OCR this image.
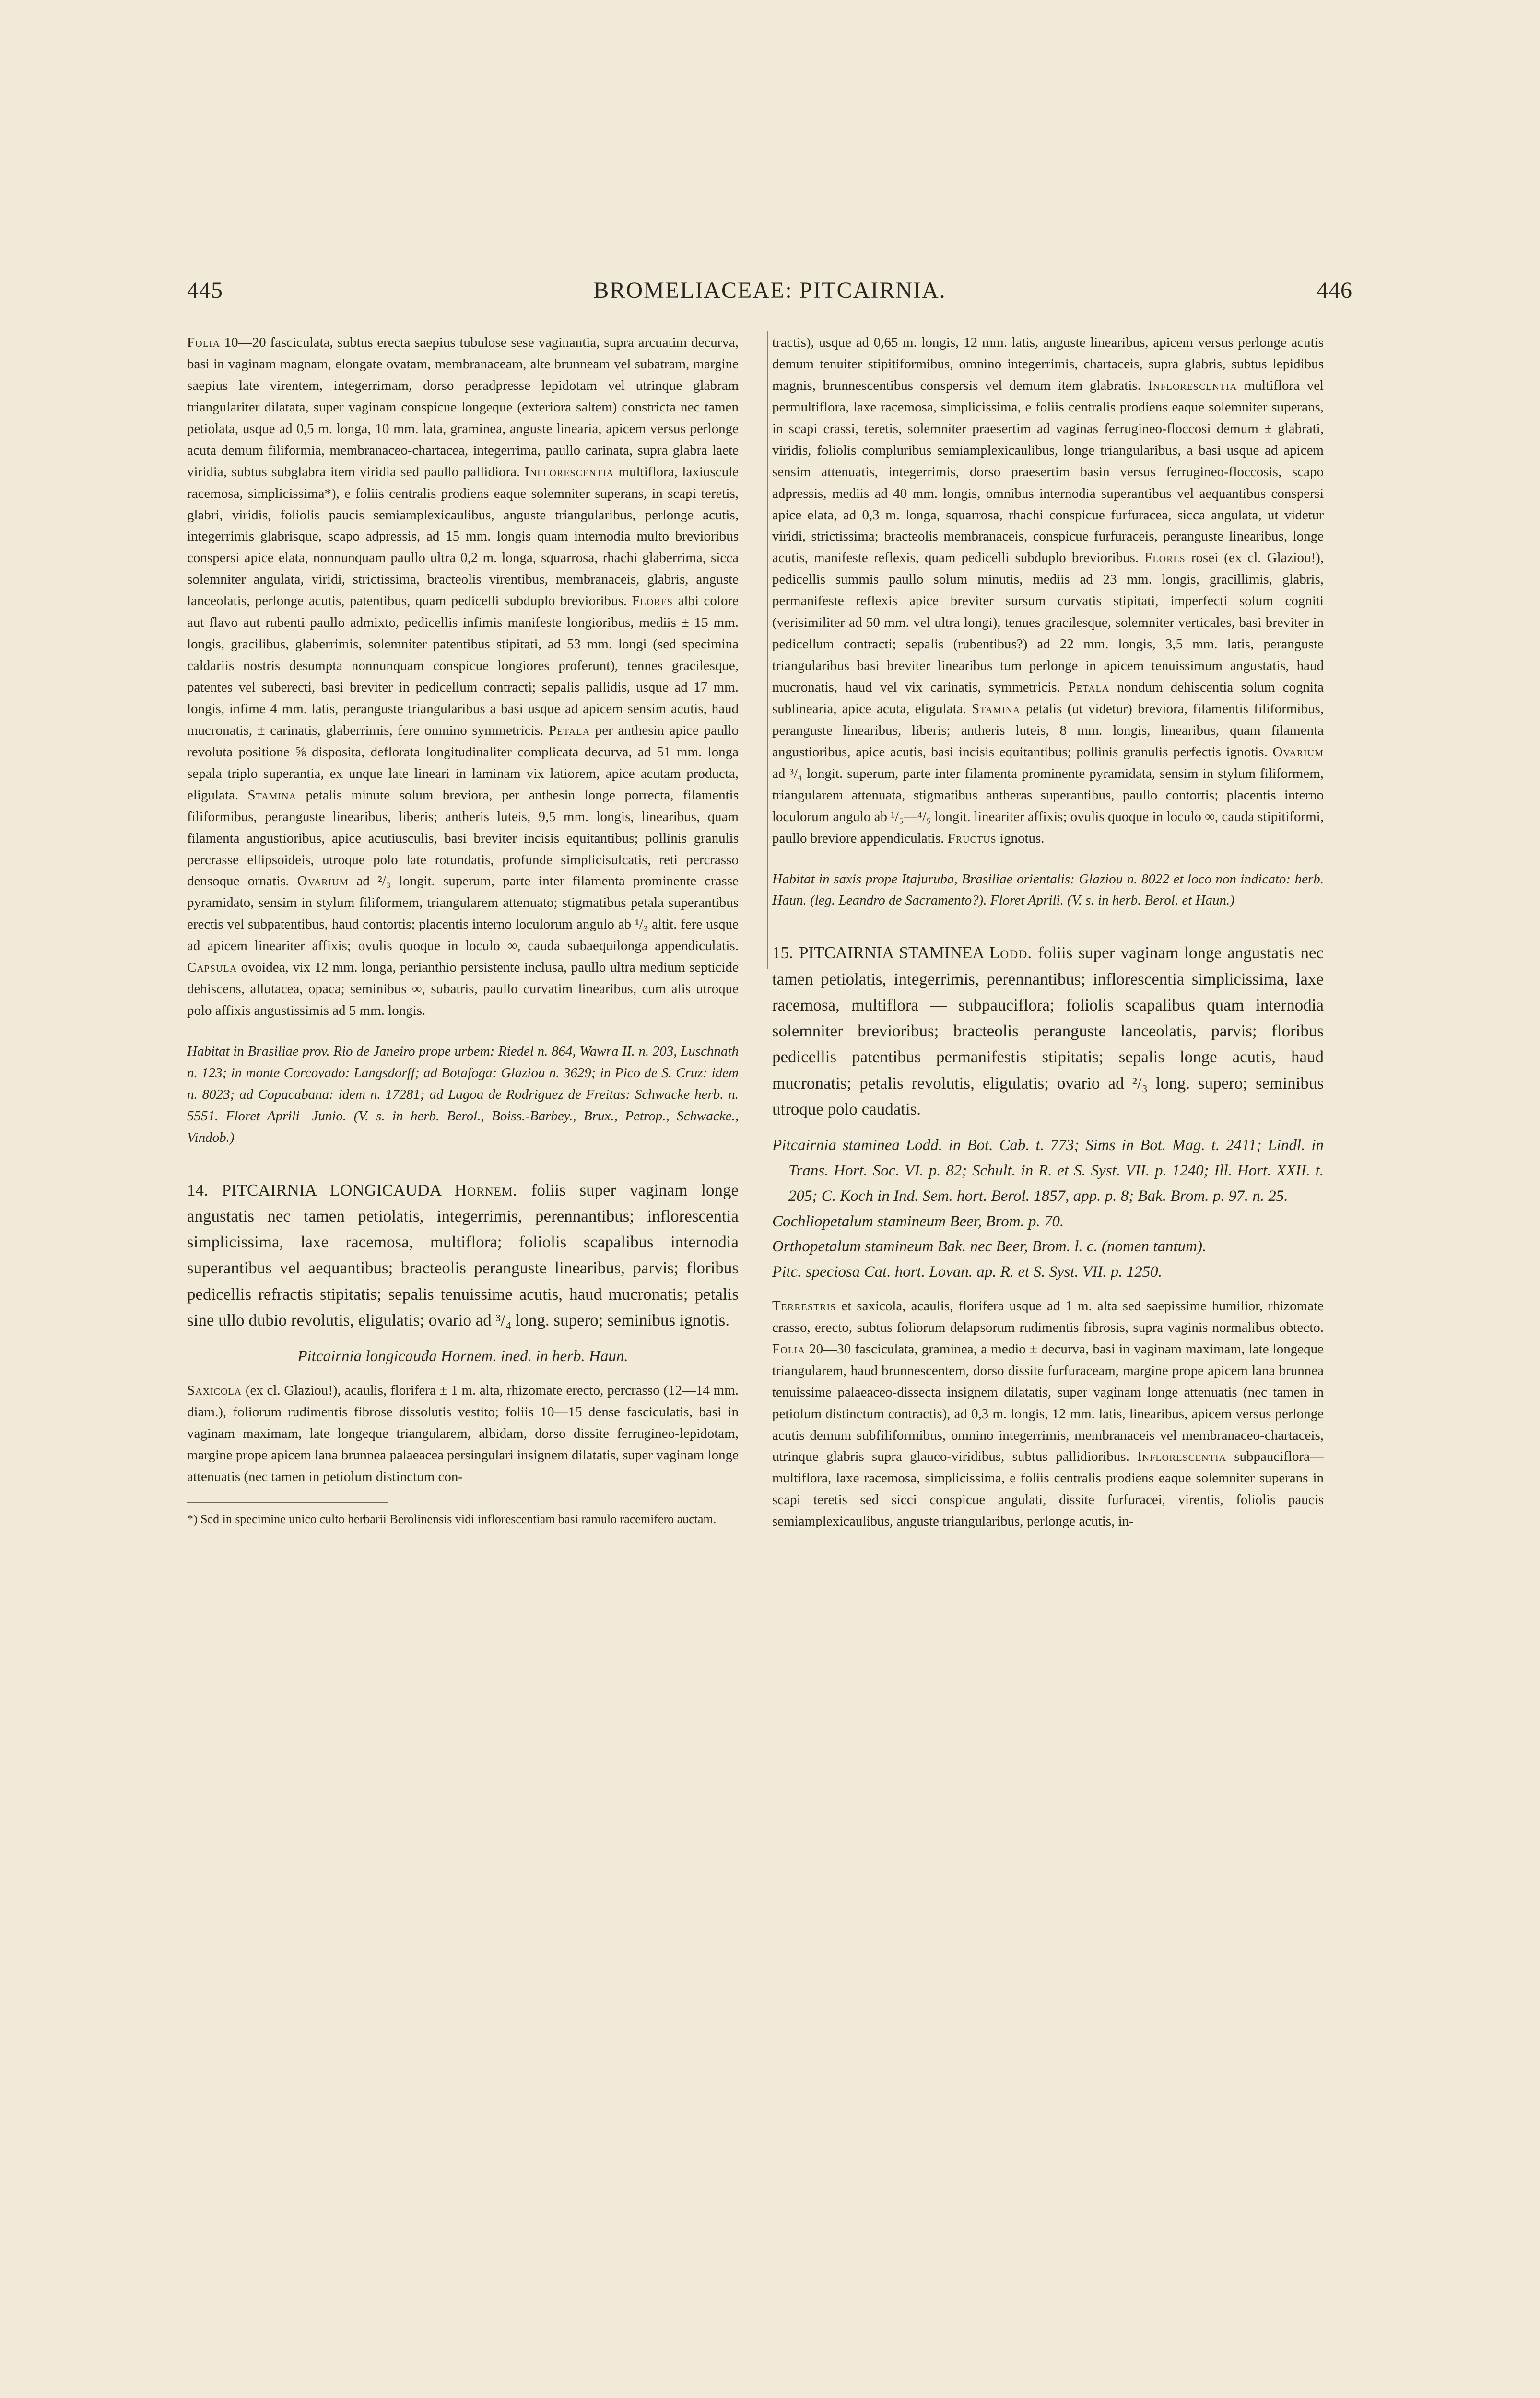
445	BROMELIACEAE: PITCAIRNIA.	446

Folia 10—20 fasciculata, subtus erecta saepius tubulose sese vaginantia, supra arcuatim decurva, basi in vaginam magnam, elongate ovatam, membranaceam, alte brunneam vel subatram, margine saepius late virentem, integerrimam, dorso peradpresse lepidotam vel utrinque glabram triangulariter dilatata, super vaginam conspicue longeque (exteriora saltem) constricta nec tamen petiolata, usque ad 0,5 m. longa, 10 mm. lata, graminea, anguste linearia, apicem versus perlonge acuta demum filiformia, membranaceo-chartacea, integerrima, paullo carinata, supra glabra laete viridia, subtus subglabra item viridia sed paullo pallidiora. Inflorescentia multiflora, laxiuscule racemosa, simplicissima*), e foliis centralis prodiens eaque solemniter superans, in scapi teretis, glabri, viridis, foliolis paucis semiamplexicaulibus, anguste triangularibus, perlonge acutis, integerrimis glabrisque, scapo adpressis, ad 15 mm. longis quam internodia multo brevioribus conspersi apice elata, nonnunquam paullo ultra 0,2 m. longa, squarrosa, rhachi glaberrima, sicca solemniter angulata, viridi, strictissima, bracteolis virentibus, membranaceis, glabris, anguste lanceolatis, perlonge acutis, patentibus, quam pedicelli subduplo brevioribus. Flores albi colore aut flavo aut rubenti paullo admixto, pedicellis infimis manifeste longioribus, mediis ± 15 mm. longis, gracilibus, glaberrimis, solemniter patentibus stipitati, ad 53 mm. longi (sed specimina caldariis nostris desumpta nonnunquam conspicue longiores proferunt), tennes gracilesque, patentes vel suberecti, basi breviter in pedicellum contracti; sepalis pallidis, usque ad 17 mm. longis, infime 4 mm. latis, peranguste triangularibus a basi usque ad apicem sensim acutis, haud mucronatis, ± carinatis, glaberrimis, fere omnino symmetricis. Petala per anthesin apice paullo revoluta positione ⅝ disposita, deflorata longitudinaliter complicata decurva, ad 51 mm. longa sepala triplo superantia, ex unque late lineari in laminam vix latiorem, apice acutam producta, eligulata. Stamina petalis minute solum breviora, per anthesin longe porrecta, filamentis filiformibus, peranguste linearibus, liberis; antheris luteis, 9,5 mm. longis, linearibus, quam filamenta angustioribus, apice acutiusculis, basi breviter incisis equitantibus; pollinis granulis percrasse ellipsoideis, utroque polo late rotundatis, profunde simplicisulcatis, reti percrasso densoque ornatis. Ovarium ad ²/₃ longit. superum, parte inter filamenta prominente crasse pyramidato, sensim in stylum filiformem, triangularem attenuato; stigmatibus petala superantibus erectis vel subpatentibus, haud contortis; placentis interno loculorum angulo ab ¹/₃ altit. fere usque ad apicem lineariter affixis; ovulis quoque in loculo ∞, cauda subaequilonga appendiculatis. Capsula ovoidea, vix 12 mm. longa, perianthio persistente inclusa, paullo ultra medium septicide dehiscens, allutacea, opaca; seminibus ∞, subatris, paullo curvatim linearibus, cum alis utroque polo affixis angustissimis ad 5 mm. longis.

Habitat in Brasiliae prov. Rio de Janeiro prope urbem: Riedel n. 864, Wawra II. n. 203, Luschnath n. 123; in monte Corcovado: Langsdorff; ad Botafoga: Glaziou n. 3629; in Pico de S. Cruz: idem n. 8023; ad Copacabana: idem n. 17281; ad Lagoa de Rodriguez de Freitas: Schwacke herb. n. 5551. Floret Aprili—Junio. (V. s. in herb. Berol., Boiss.-Barbey., Brux., Petrop., Schwacke., Vindob.)

14. PITCAIRNIA LONGICAUDA Hornem. foliis super vaginam longe angustatis nec tamen petiolatis, integerrimis, perennantibus; inflorescentia simplicissima, laxe racemosa, multiflora; foliolis scapalibus internodia superantibus vel aequantibus; bracteolis peranguste linearibus, parvis; floribus pedicellis refractis stipitatis; sepalis tenuissime acutis, haud mucronatis; petalis sine ullo dubio revolutis, eligulatis; ovario ad ³/₄ long. supero; seminibus ignotis.

Pitcairnia longicauda Hornem. ined. in herb. Haun.

Saxicola (ex cl. Glaziou!), acaulis, florifera ± 1 m. alta, rhizomate erecto, percrasso (12—14 mm. diam.), foliorum rudimentis fibrose dissolutis vestito; foliis 10—15 dense fasciculatis, basi in vaginam maximam, late longeque triangularem, albidam, dorso dissite ferrugineo-lepidotam, margine prope apicem lana brunnea palaeacea persingulari insignem dilatatis, super vaginam longe attenuatis (nec tamen in petiolum distinctum con-

*) Sed in specimine unico culto herbarii Berolinensis vidi inflorescentiam basi ramulo racemifero auctam.

tractis), usque ad 0,65 m. longis, 12 mm. latis, anguste linearibus, apicem versus perlonge acutis demum tenuiter stipitiformibus, omnino integerrimis, chartaceis, supra glabris, subtus lepidibus magnis, brunnescentibus conspersis vel demum item glabratis. Inflorescentia multiflora vel permultiflora, laxe racemosa, simplicissima, e foliis centralis prodiens eaque solemniter superans, in scapi crassi, teretis, solemniter praesertim ad vaginas ferrugineo-floccosi demum ± glabrati, viridis, foliolis compluribus semiamplexicaulibus, longe triangularibus, a basi usque ad apicem sensim attenuatis, integerrimis, dorso praesertim basin versus ferrugineo-floccosis, scapo adpressis, mediis ad 40 mm. longis, omnibus internodia superantibus vel aequantibus conspersi apice elata, ad 0,3 m. longa, squarrosa, rhachi conspicue furfuracea, sicca angulata, ut videtur viridi, strictissima; bracteolis membranaceis, conspicue furfuraceis, peranguste linearibus, longe acutis, manifeste reflexis, quam pedicelli subduplo brevioribus. Flores rosei (ex cl. Glaziou!), pedicellis summis paullo solum minutis, mediis ad 23 mm. longis, gracillimis, glabris, permanifeste reflexis apice breviter sursum curvatis stipitati, imperfecti solum cogniti (verisimiliter ad 50 mm. vel ultra longi), tenues gracilesque, solemniter verticales, basi breviter in pedicellum contracti; sepalis (rubentibus?) ad 22 mm. longis, 3,5 mm. latis, peranguste triangularibus basi breviter linearibus tum perlonge in apicem tenuissimum angustatis, haud mucronatis, haud vel vix carinatis, symmetricis. Petala nondum dehiscentia solum cognita sublinearia, apice acuta, eligulata. Stamina petalis (ut videtur) breviora, filamentis filiformibus, peranguste linearibus, liberis; antheris luteis, 8 mm. longis, linearibus, quam filamenta angustioribus, apice acutis, basi incisis equitantibus; pollinis granulis perfectis ignotis. Ovarium ad ³/₄ longit. superum, parte inter filamenta prominente pyramidata, sensim in stylum filiformem, triangularem attenuata, stigmatibus antheras superantibus, paullo contortis; placentis interno loculorum angulo ab ¹/₅—⁴/₅ longit. lineariter affixis; ovulis quoque in loculo ∞, cauda stipitiformi, paullo breviore appendiculatis. Fructus ignotus.

Habitat in saxis prope Itajuruba, Brasiliae orientalis: Glaziou n. 8022 et loco non indicato: herb. Haun. (leg. Leandro de Sacramento?). Floret Aprili. (V. s. in herb. Berol. et Haun.)

15. PITCAIRNIA STAMINEA Lodd. foliis super vaginam longe angustatis nec tamen petiolatis, integerrimis, perennantibus; inflorescentia simplicissima, laxe racemosa, multiflora — subpauciflora; foliolis scapalibus quam internodia solemniter brevioribus; bracteolis peranguste lanceolatis, parvis; floribus pedicellis patentibus permanifestis stipitatis; sepalis longe acutis, haud mucronatis; petalis revolutis, eligulatis; ovario ad ²/₃ long. supero; seminibus utroque polo caudatis.

Pitcairnia staminea Lodd. in Bot. Cab. t. 773; Sims in Bot. Mag. t. 2411; Lindl. in Trans. Hort. Soc. VI. p. 82; Schult. in R. et S. Syst. VII. p. 1240; Ill. Hort. XXII. t. 205; C. Koch in Ind. Sem. hort. Berol. 1857, app. p. 8; Bak. Brom. p. 97. n. 25.
Cochliopetalum stamineum Beer, Brom. p. 70.
Orthopetalum stamineum Bak. nec Beer, Brom. l. c. (nomen tantum).
Pitc. speciosa Cat. hort. Lovan. ap. R. et S. Syst. VII. p. 1250.

Terrestris et saxicola, acaulis, florifera usque ad 1 m. alta sed saepissime humilior, rhizomate crasso, erecto, subtus foliorum delapsorum rudimentis fibrosis, supra vaginis normalibus obtecto. Folia 20—30 fasciculata, graminea, a medio ± decurva, basi in vaginam maximam, late longeque triangularem, haud brunnescentem, dorso dissite furfuraceam, margine prope apicem lana brunnea tenuissime palaeaceo-dissecta insignem dilatatis, super vaginam longe attenuatis (nec tamen in petiolum distinctum contractis), ad 0,3 m. longis, 12 mm. latis, linearibus, apicem versus perlonge acutis demum subfiliformibus, omnino integerrimis, membranaceis vel membranaceo-chartaceis, utrinque glabris supra glauco-viridibus, subtus pallidioribus. Inflorescentia subpauciflora—multiflora, laxe racemosa, simplicissima, e foliis centralis prodiens eaque solemniter superans in scapi teretis sed sicci conspicue angulati, dissite furfuracei, virentis, foliolis paucis semiamplexicaulibus, anguste triangularibus, perlonge acutis, in-
